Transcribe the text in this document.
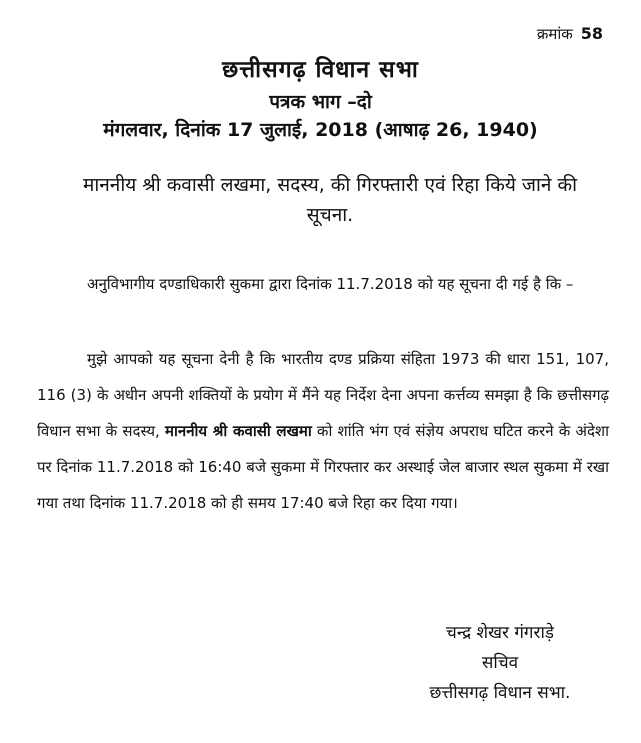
क्रमांक 58
छत्तीसगढ़ विधान सभा
पत्रक भाग –दो
मंगलवार, दिनांक 17 जुलाई, 2018 (आषाढ़ 26, 1940)
माननीय श्री कवासी लखमा, सदस्य, की गिरफ्तारी एवं रिहा किये जाने की सूचना.
अनुविभागीय दण्डाधिकारी सुकमा द्वारा दिनांक 11.7.2018 को यह सूचना दी गई है कि –
मुझे आपको यह सूचना देनी है कि भारतीय दण्ड प्रक्रिया संहिता 1973 की धारा 151, 107, 116 (3) के अधीन अपनी शक्तियों के प्रयोग में मैंने यह निर्देश देना अपना कर्त्तव्य समझा है कि छत्तीसगढ़ विधान सभा के सदस्य, माननीय श्री कवासी लखमा को शांति भंग एवं संज्ञेय अपराध घटित करने के अंदेशा पर दिनांक 11.7.2018 को 16:40 बजे सुकमा में गिरफ्तार कर अस्थाई जेल बाजार स्थल सुकमा में रखा गया तथा दिनांक 11.7.2018 को ही समय 17:40 बजे रिहा कर दिया गया।
चन्द्र शेखर गंगराड़े
सचिव
छत्तीसगढ़ विधान सभा.
